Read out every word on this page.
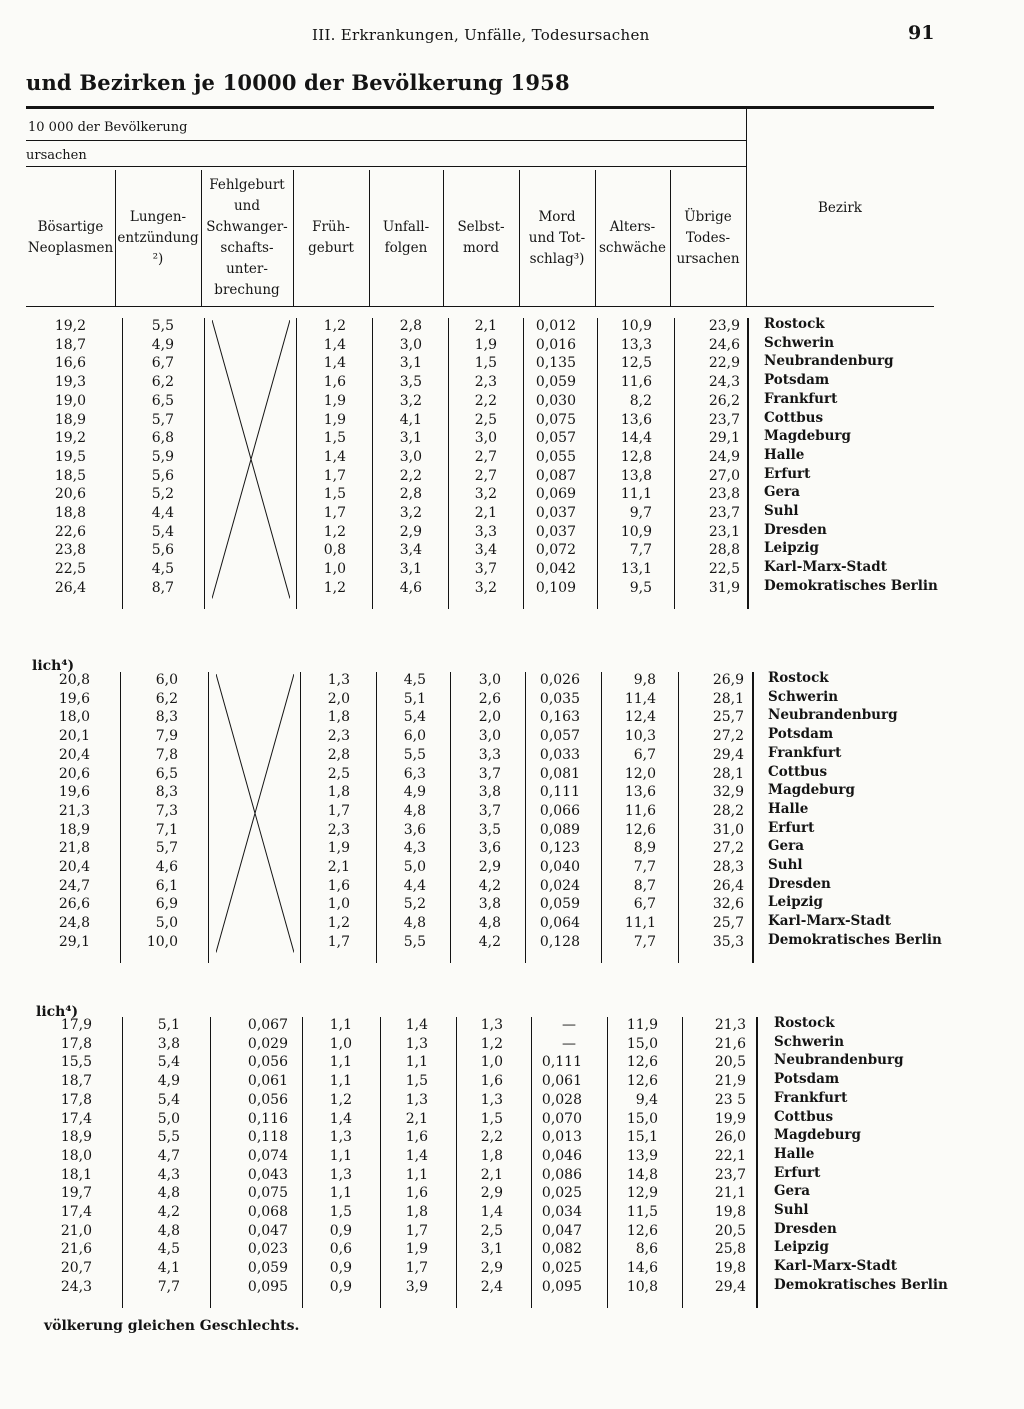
III. Erkrankungen, Unfälle, Todesursachen	91
und Bezirken je 10000 der Bevölkerung 1958
10 000 der Bevölkerung
ursachen
Bösartige
Neoplasmen
Lungen-
entzündung
²)
Fehlgeburt
und
Schwanger-
schafts-
unter-
brechung
Früh-
geburt
Unfall-
folgen
Selbst-
mord
Mord
und Tot-
schlag³)
Alters-
schwäche
Übrige
Todes-
ursachen
Bezirk
lich⁴)
lich⁴)
19,2	5,5	1,2	2,8	2,1	0,012	10,9	23,9 Rostock
18,7	4,9	1,4	3,0	1,9	0,016	13,3	24,6 Schwerin
16,6	6,7	1,4	3,1	1,5	0,135	12,5	22,9 Neubrandenburg
19,3	6,2	1,6	3,5	2,3	0,059	11,6	24,3 Potsdam
19,0	6,5	1,9	3,2	2,2	0,030	8,2	26,2 Frankfurt
18,9	5,7	1,9	4,1	2,5	0,075	13,6	23,7 Cottbus
19,2	6,8	1,5	3,1	3,0	0,057	14,4	29,1 Magdeburg
19,5	5,9	1,4	3,0	2,7	0,055	12,8	24,9 Halle
18,5	5,6	1,7	2,2	2,7	0,087	13,8	27,0 Erfurt
20,6	5,2	1,5	2,8	3,2	0,069	11,1	23,8 Gera
18,8	4,4	1,7	3,2	2,1	0,037	9,7	23,7 Suhl
22,6	5,4	1,2	2,9	3,3	0,037	10,9	23,1 Dresden
23,8	5,6	0,8	3,4	3,4	0,072	7,7	28,8 Leipzig
22,5	4,5	1,0	3,1	3,7	0,042	13,1	22,5 Karl-Marx-Stadt
26,4	8,7	1,2	4,6	3,2	0,109	9,5	31,9 Demokratisches Berlin
20,8	6,0	1,3	4,5	3,0	0,026	9,8	26,9 Rostock
19,6	6,2	2,0	5,1	2,6	0,035	11,4	28,1 Schwerin
18,0	8,3	1,8	5,4	2,0	0,163	12,4	25,7 Neubrandenburg
20,1	7,9	2,3	6,0	3,0	0,057	10,3	27,2 Potsdam
20,4	7,8	2,8	5,5	3,3	0,033	6,7	29,4 Frankfurt
20,6	6,5	2,5	6,3	3,7	0,081	12,0	28,1 Cottbus
19,6	8,3	1,8	4,9	3,8	0,111	13,6	32,9 Magdeburg
21,3	7,3	1,7	4,8	3,7	0,066	11,6	28,2 Halle
18,9	7,1	2,3	3,6	3,5	0,089	12,6	31,0 Erfurt
21,8	5,7	1,9	4,3	3,6	0,123	8,9	27,2 Gera
20,4	4,6	2,1	5,0	2,9	0,040	7,7	28,3 Suhl
24,7	6,1	1,6	4,4	4,2	0,024	8,7	26,4 Dresden
26,6	6,9	1,0	5,2	3,8	0,059	6,7	32,6 Leipzig
24,8	5,0	1,2	4,8	4,8	0,064	11,1	25,7 Karl-Marx-Stadt
29,1	10,0	1,7	5,5	4,2	0,128	7,7	35,3 Demokratisches Berlin
17,9	5,1	0,067	1,1	1,4	1,3	—	11,9	21,3 Rostock
17,8	3,8	0,029	1,0	1,3	1,2	—	15,0	21,6 Schwerin
15,5	5,4	0,056	1,1	1,1	1,0	0,111	12,6	20,5 Neubrandenburg
18,7	4,9	0,061	1,1	1,5	1,6	0,061	12,6	21,9 Potsdam
17,8	5,4	0,056	1,2	1,3	1,3	0,028	9,4	23 5 Frankfurt
17,4	5,0	0,116	1,4	2,1	1,5	0,070	15,0	19,9 Cottbus
18,9	5,5	0,118	1,3	1,6	2,2	0,013	15,1	26,0 Magdeburg
18,0	4,7	0,074	1,1	1,4	1,8	0,046	13,9	22,1 Halle
18,1	4,3	0,043	1,3	1,1	2,1	0,086	14,8	23,7 Erfurt
19,7	4,8	0,075	1,1	1,6	2,9	0,025	12,9	21,1 Gera
17,4	4,2	0,068	1,5	1,8	1,4	0,034	11,5	19,8 Suhl
21,0	4,8	0,047	0,9	1,7	2,5	0,047	12,6	20,5 Dresden
21,6	4,5	0,023	0,6	1,9	3,1	0,082	8,6	25,8 Leipzig
20,7	4,1	0,059	0,9	1,7	2,9	0,025	14,6	19,8 Karl-Marx-Stadt
24,3	7,7	0,095	0,9	3,9	2,4	0,095	10,8	29,4 Demokratisches Berlin
völkerung gleichen Geschlechts.
